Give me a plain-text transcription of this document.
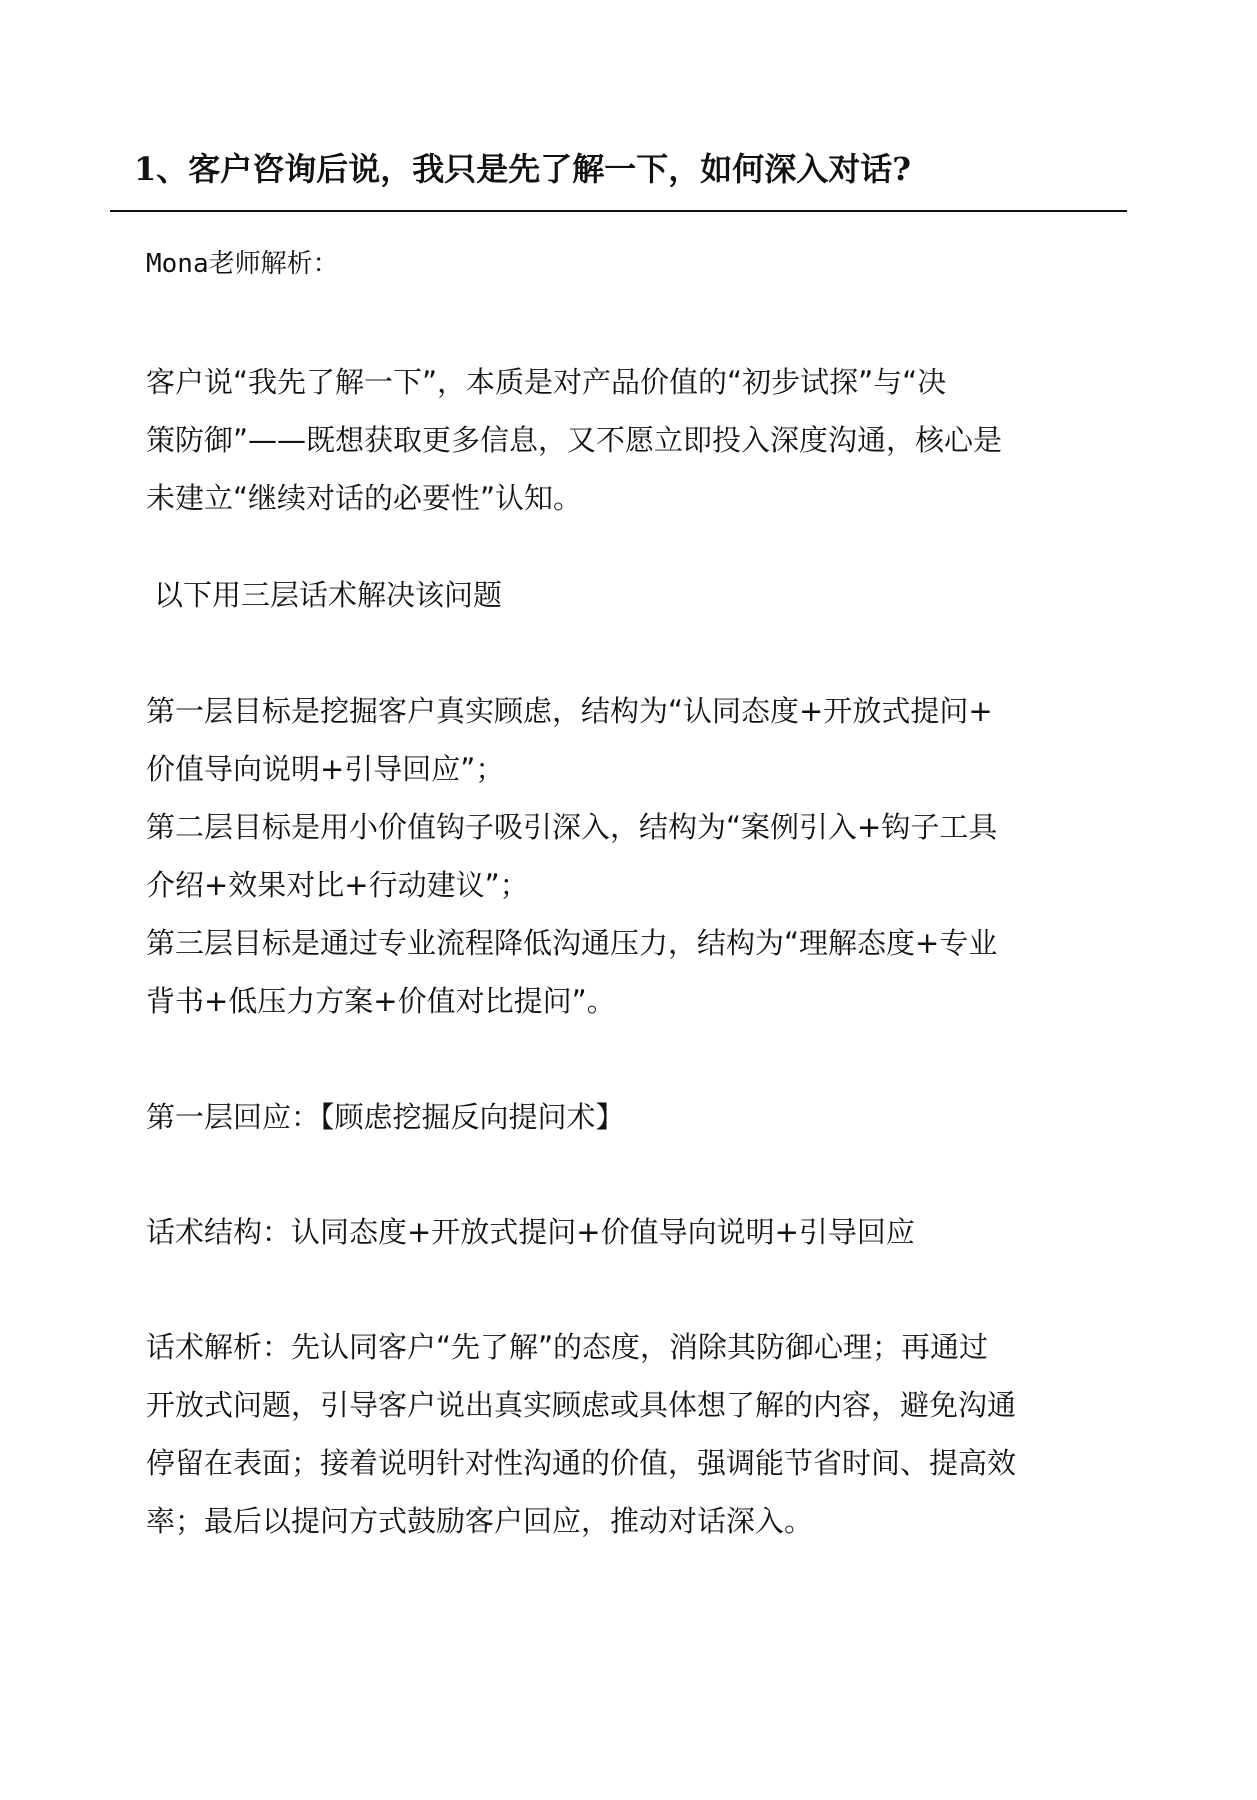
1、客户咨询后说，我只是先了解一下，如何深入对话?

Mona老师解析：

客户说“我先了解一下”，本质是对产品价值的“初步试探”与“决
策防御”——既想获取更多信息，又不愿立即投入深度沟通，核心是
未建立“继续对话的必要性”认知。

以下用三层话术解决该问题

第一层目标是挖掘客户真实顾虑，结构为“认同态度+开放式提问+
价值导向说明+引导回应”；
第二层目标是用小价值钩子吸引深入，结构为“案例引入+钩子工具
介绍+效果对比+行动建议”；
第三层目标是通过专业流程降低沟通压力，结构为“理解态度+专业
背书+低压力方案+价值对比提问”。

第一层回应：【顾虑挖掘反向提问术】

话术结构：认同态度+开放式提问+价值导向说明+引导回应

话术解析：先认同客户“先了解”的态度，消除其防御心理；再通过
开放式问题，引导客户说出真实顾虑或具体想了解的内容，避免沟通
停留在表面；接着说明针对性沟通的价值，强调能节省时间、提高效
率；最后以提问方式鼓励客户回应，推动对话深入。
